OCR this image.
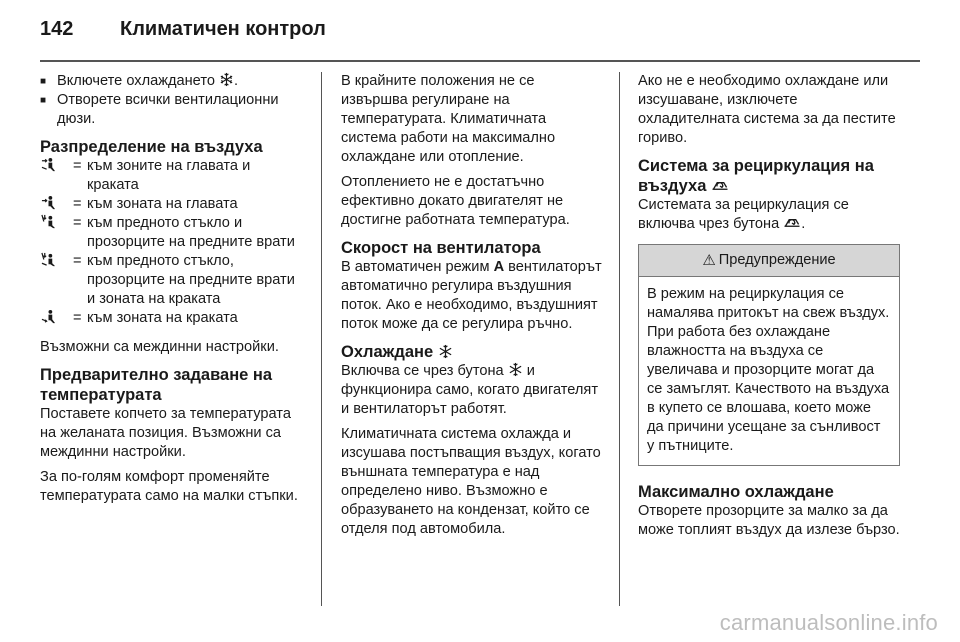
142	Климатичен контрол
■ Включете охлаждането .
■ Отворете всички вентилационни дюзи.
Разпределение на въздуха
= към зоните на главата и краката
= към зоната на главата
= към предното стъкло и прозорците на предните врати
= към предното стъкло, прозорците на предните врати и зоната на краката
= към зоната на краката

Възможни са междинни настройки.

Предварително задаване на температурата

Поставете копчето за температурата на желаната позиция. Възможни са междинни настройки.

За по-голям комфорт променяйте температурата само на малки стъпки.

В крайните положения не се извършва регулиране на температурата. Климатичната система работи на максимално охлаждане или отопление.

Отоплението не е достатъчно ефективно докато двигателят не достигне работната температура.

Скорост на вентилатора

В автоматичен режим A вентилаторът автоматично регулира въздушния поток. Ако е необходимо, въздушният поток може да се регулира ръчно.

Охлаждане

Включва се чрез бутона и функционира само, когато двигателят и вентилаторът работят.

Климатичната система охлажда и изсушава постъпващия въздух, когато външната температура е над определено ниво. Възможно е образуването на кондензат, който се отделя под автомобила.

Ако не е необходимо охлаждане или изсушаване, изключете охладителната система за да пестите гориво.

Система за рециркулация на въздуха

Системата за рециркулация се включва чрез бутона .

⚠ Предупреждение
В режим на рециркулация се намалява притокът на свеж въздух. При работа без охлаждане влажността на въздуха се увеличава и прозорците могат да се замъглят. Качеството на въздуха в купето се влошава, което може да причини усещане за сънливост у пътниците.
Максимално охлаждане

Отворете прозорците за малко за да може топлият въздух да излезе бързо.

carmanualsonline.info
